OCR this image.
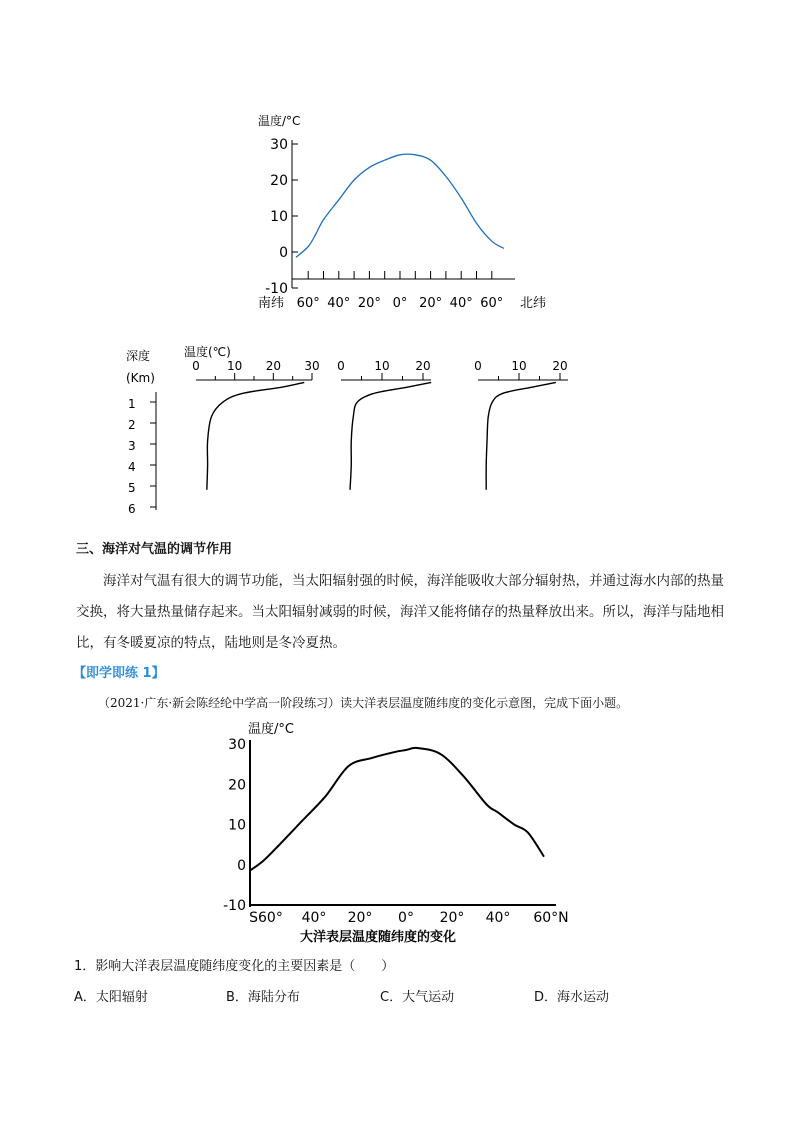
温度/°C
30
20
10
0
-10
南纬 60° 40° 20° 0° 20° 40° 60° 北纬
深度
(Km)
温度(℃)
1
2
3
4
5
6
0 10 20 30 0 10 20	0 10 20
三、海洋对气温的调节作用
海洋对气温有很大的调节功能，当太阳辐射强的时候，海洋能吸收大部分辐射热，并通过海水内部的热量交换，将大量热量储存起来。当太阳辐射减弱的时候，海洋又能将储存的热量释放出来。所以，海洋与陆地相比，有冬暖夏凉的特点，陆地则是冬冷夏热。
【即学即练 1】
（2021·广东·新会陈经纶中学高一阶段练习）读大洋表层温度随纬度的变化示意图，完成下面小题。
温度/°C
30
20
10
0
-10
S60° 40° 20° 0° 20° 40° 60°N
大洋表层温度随纬度的变化
1．影响大洋表层温度随纬度变化的主要因素是（　　）
A．太阳辐射	B．海陆分布	C．大气运动	D．海水运动
